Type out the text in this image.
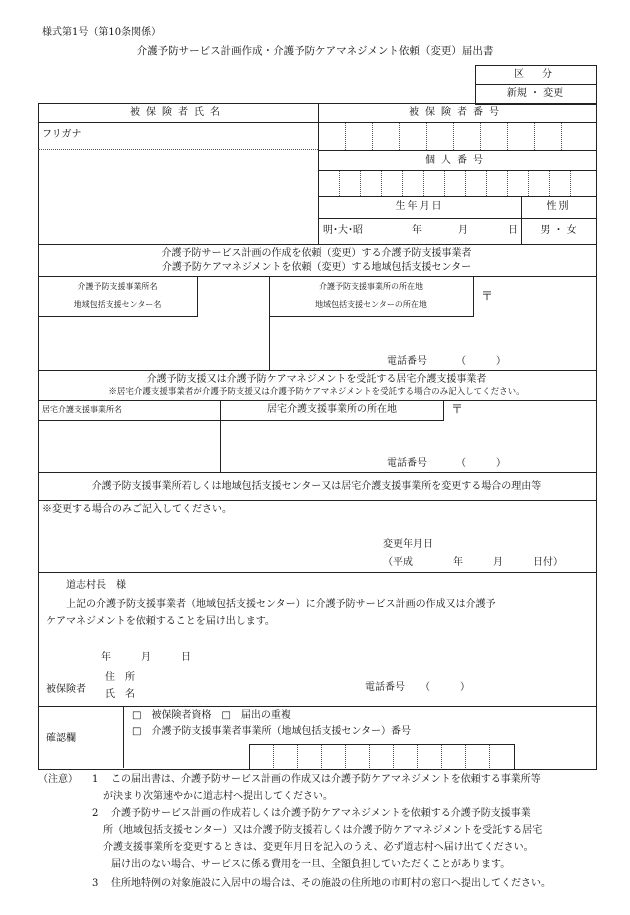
様式第1号（第10条関係）
介護予防サービス計画作成・介護予防ケアマネジメント依頼（変更）届出書
区　分
新規 ・ 変更
被保険者氏名	被保険者番号
フリガナ
個人番号
生年月日	性別
明･大･昭	年	月	日	男 ・ 女
介護予防サービス計画の作成を依頼（変更）する介護予防支援事業者
介護予防ケアマネジメントを依頼（変更）する地域包括支援センター
介護予防支援事業所名
地域包括支援センター名
介護予防支援事業所の所在地
地域包括支援センターの所在地
〒
電話番号	（　　　）
介護予防支援又は介護予防ケアマネジメントを受託する居宅介護支援事業者
※居宅介護支援事業者が介護予防支援又は介護予防ケアマネジメントを受託する場合のみ記入してください。
居宅介護支援事業所名	居宅介護支援事業所の所在地	〒
電話番号	（　　　）
介護予防支援事業所若しくは地域包括支援センター又は居宅介護支援事業所を変更する場合の理由等
※変更する場合のみご記入してください。
変更年月日
（平成　　　　年　　　月　　　日付）
道志村長　様
上記の介護予防支援事業者（地域包括支援センター）に介護予防サービス計画の作成又は介護予
ケアマネジメントを依頼することを届け出します。
年　　　月　　　日
被保険者
住　所
氏　名
電話番号 （　　　）
確認欄
□　被保険者資格　□　届出の重複
□　介護予防支援事業者事業所（地域包括支援センター）番号
（注意） 1 この届出書は、介護予防サービス計画の作成又は介護予防ケアマネジメントを依頼する事業所等
が決まり次第速やかに道志村へ提出してください。
2 介護予防サービス計画の作成若しくは介護予防ケアマネジメントを依頼する介護予防支援事業
所（地域包括支援センター）又は介護予防支援若しくは介護予防ケアマネジメントを受託する居宅
介護支援事業所を変更するときは、変更年月日を記入のうえ、必ず道志村へ届け出てください。
届け出のない場合、サービスに係る費用を一旦、全額負担していただくことがあります。
3 住所地特例の対象施設に入居中の場合は、その施設の住所地の市町村の窓口へ提出してください。
